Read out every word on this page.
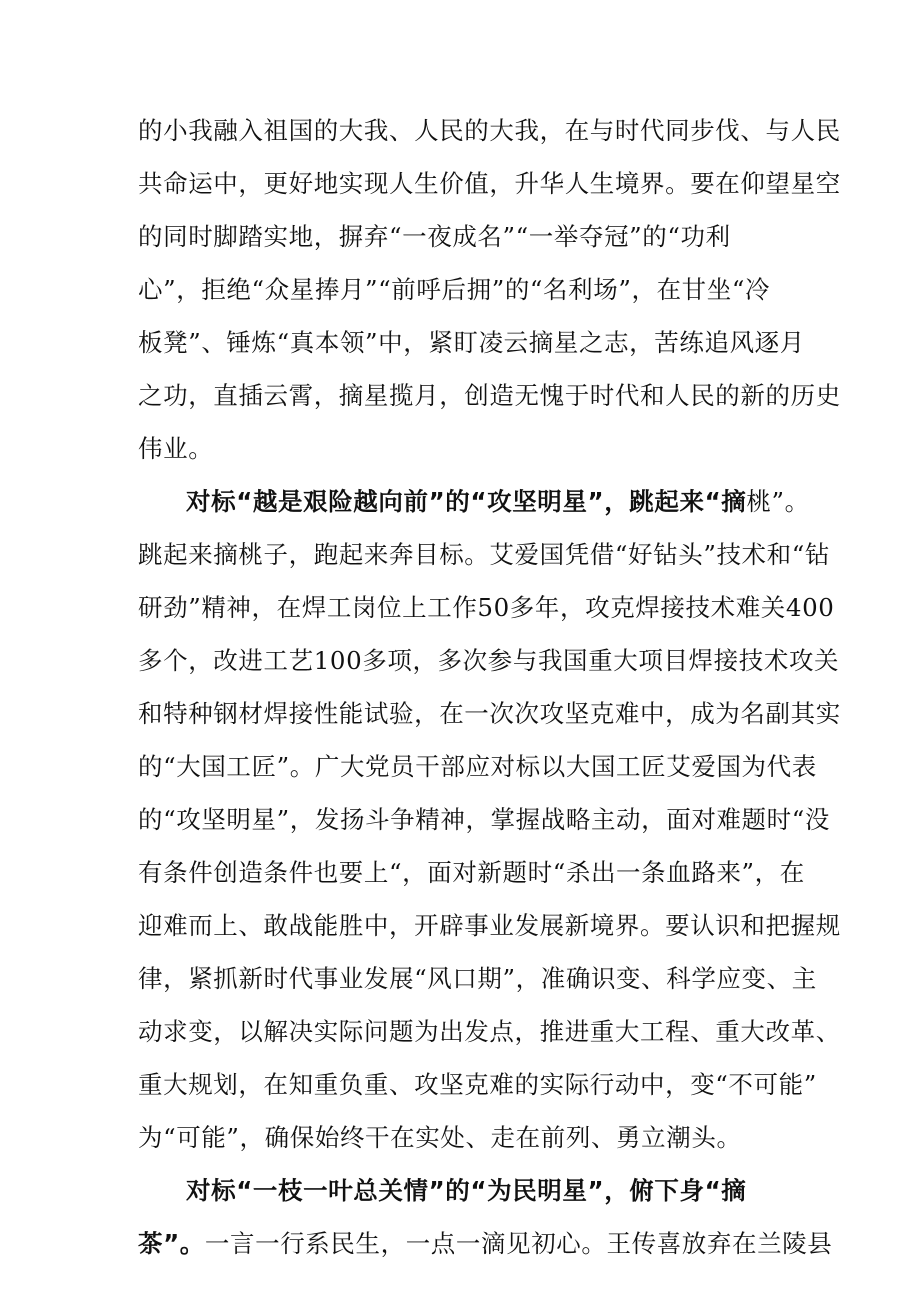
的小我融入祖国的大我、人民的大我，在与时代同步伐、与人民
共命运中，更好地实现人生价值，升华人生境界。要在仰望星空
的同时脚踏实地，摒弃“一夜成名”“一举夺冠”的“功利
心”，拒绝“众星捧月”“前呼后拥”的“名利场”，在甘坐“冷
板凳”、锤炼“真本领”中，紧盯凌云摘星之志，苦练追风逐月
之功，直插云霄，摘星揽月，创造无愧于时代和人民的新的历史
伟业。
对标“越是艰险越向前”的“攻坚明星”，跳起来“摘桃”。
跳起来摘桃子，跑起来奔目标。艾爱国凭借“好钻头”技术和“钻
研劲”精神，在焊工岗位上工作50多年，攻克焊接技术难关400
多个，改进工艺100多项，多次参与我国重大项目焊接技术攻关
和特种钢材焊接性能试验，在一次次攻坚克难中，成为名副其实
的“大国工匠”。广大党员干部应对标以大国工匠艾爱国为代表
的“攻坚明星”，发扬斗争精神，掌握战略主动，面对难题时“没
有条件创造条件也要上“，面对新题时“杀出一条血路来”，在
迎难而上、敢战能胜中，开辟事业发展新境界。要认识和把握规
律，紧抓新时代事业发展“风口期”，准确识变、科学应变、主
动求变，以解决实际问题为出发点，推进重大工程、重大改革、
重大规划，在知重负重、攻坚克难的实际行动中，变“不可能”
为“可能”，确保始终干在实处、走在前列、勇立潮头。
对标“一枝一叶总关情”的“为民明星”，俯下身“摘
茶”。一言一行系民生，一点一滴见初心。王传喜放弃在兰陵县
